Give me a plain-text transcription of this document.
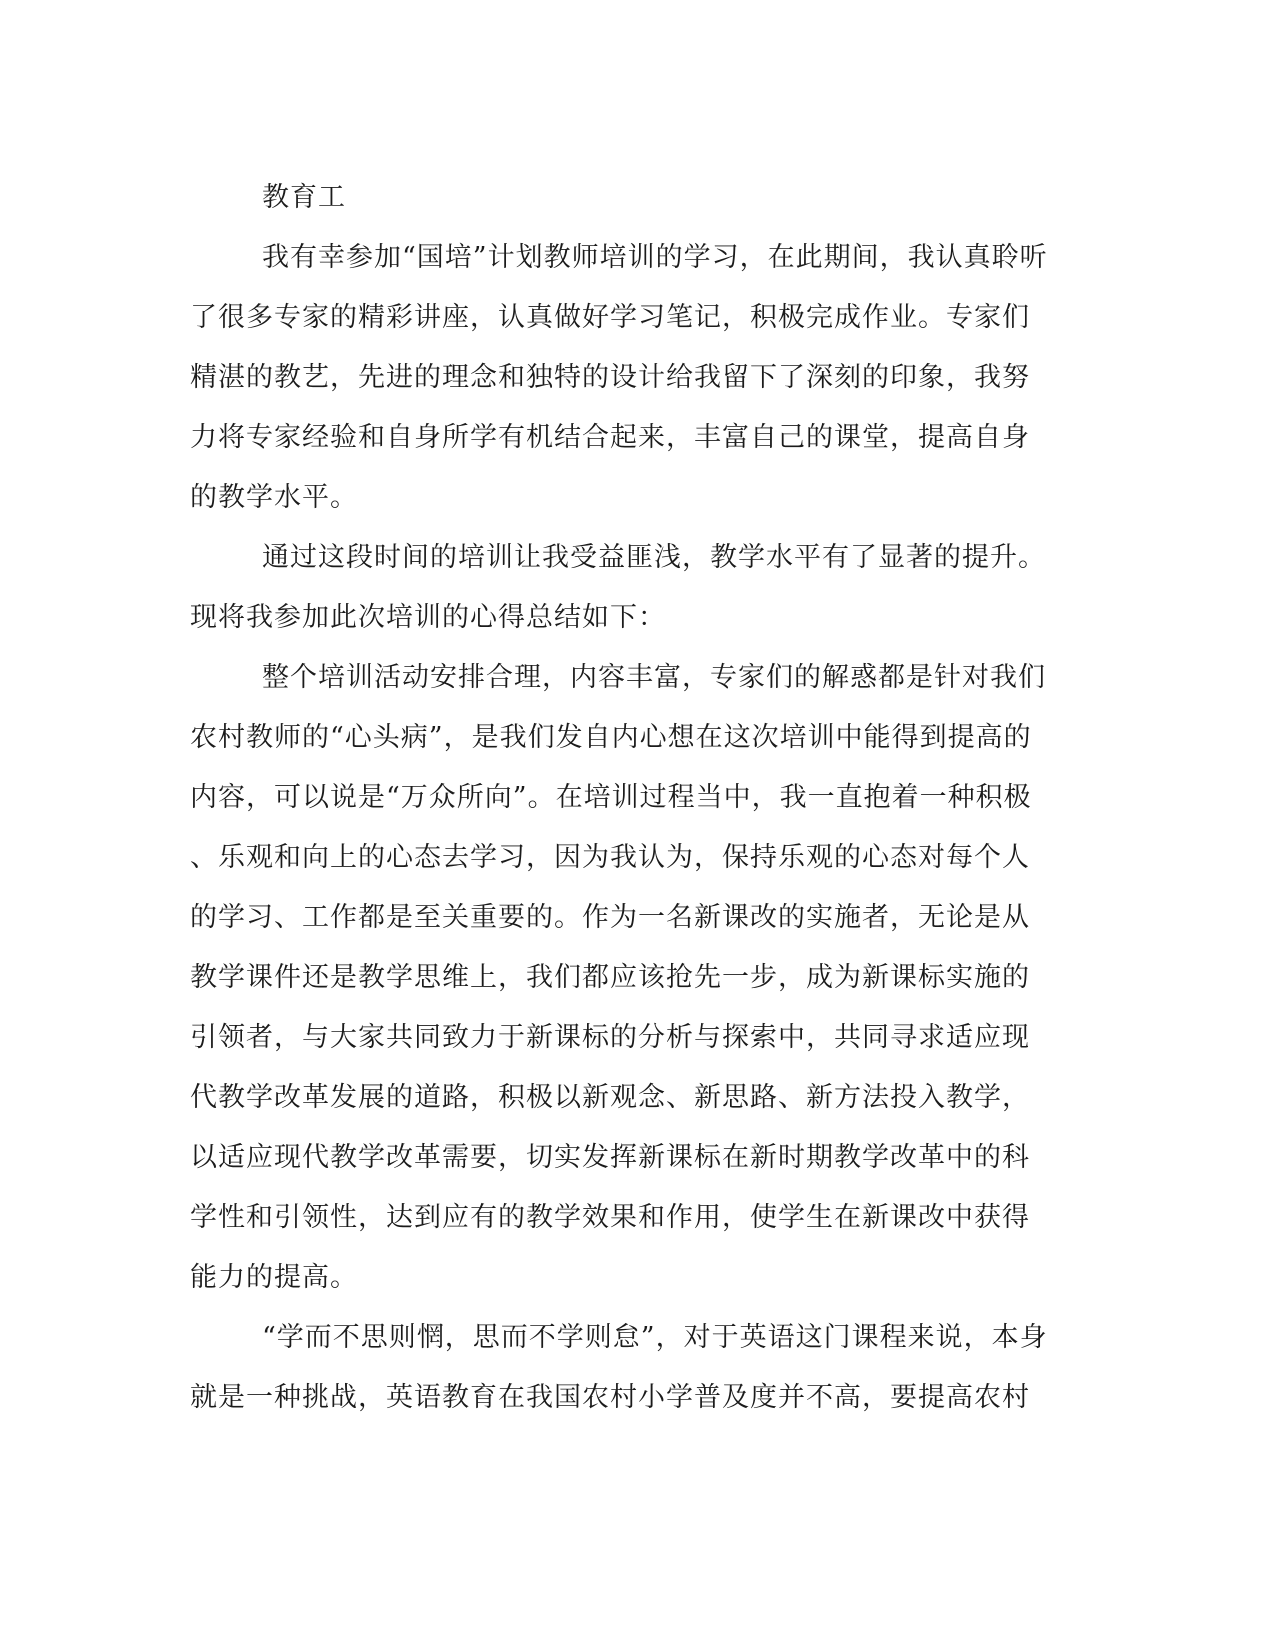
教育工
我有幸参加“国培”计划教师培训的学习，在此期间，我认真聆听
了很多专家的精彩讲座，认真做好学习笔记，积极完成作业。专家们
精湛的教艺，先进的理念和独特的设计给我留下了深刻的印象，我努
力将专家经验和自身所学有机结合起来，丰富自己的课堂，提高自身
的教学水平。
通过这段时间的培训让我受益匪浅，教学水平有了显著的提升。
现将我参加此次培训的心得总结如下：
整个培训活动安排合理，内容丰富，专家们的解惑都是针对我们
农村教师的“心头病”，是我们发自内心想在这次培训中能得到提高的
内容，可以说是“万众所向”。在培训过程当中，我一直抱着一种积极
、乐观和向上的心态去学习，因为我认为，保持乐观的心态对每个人
的学习、工作都是至关重要的。作为一名新课改的实施者，无论是从
教学课件还是教学思维上，我们都应该抢先一步，成为新课标实施的
引领者，与大家共同致力于新课标的分析与探索中，共同寻求适应现
代教学改革发展的道路，积极以新观念、新思路、新方法投入教学，
以适应现代教学改革需要，切实发挥新课标在新时期教学改革中的科
学性和引领性，达到应有的教学效果和作用，使学生在新课改中获得
能力的提高。
“学而不思则惘，思而不学则怠”，对于英语这门课程来说，本身
就是一种挑战，英语教育在我国农村小学普及度并不高，要提高农村
